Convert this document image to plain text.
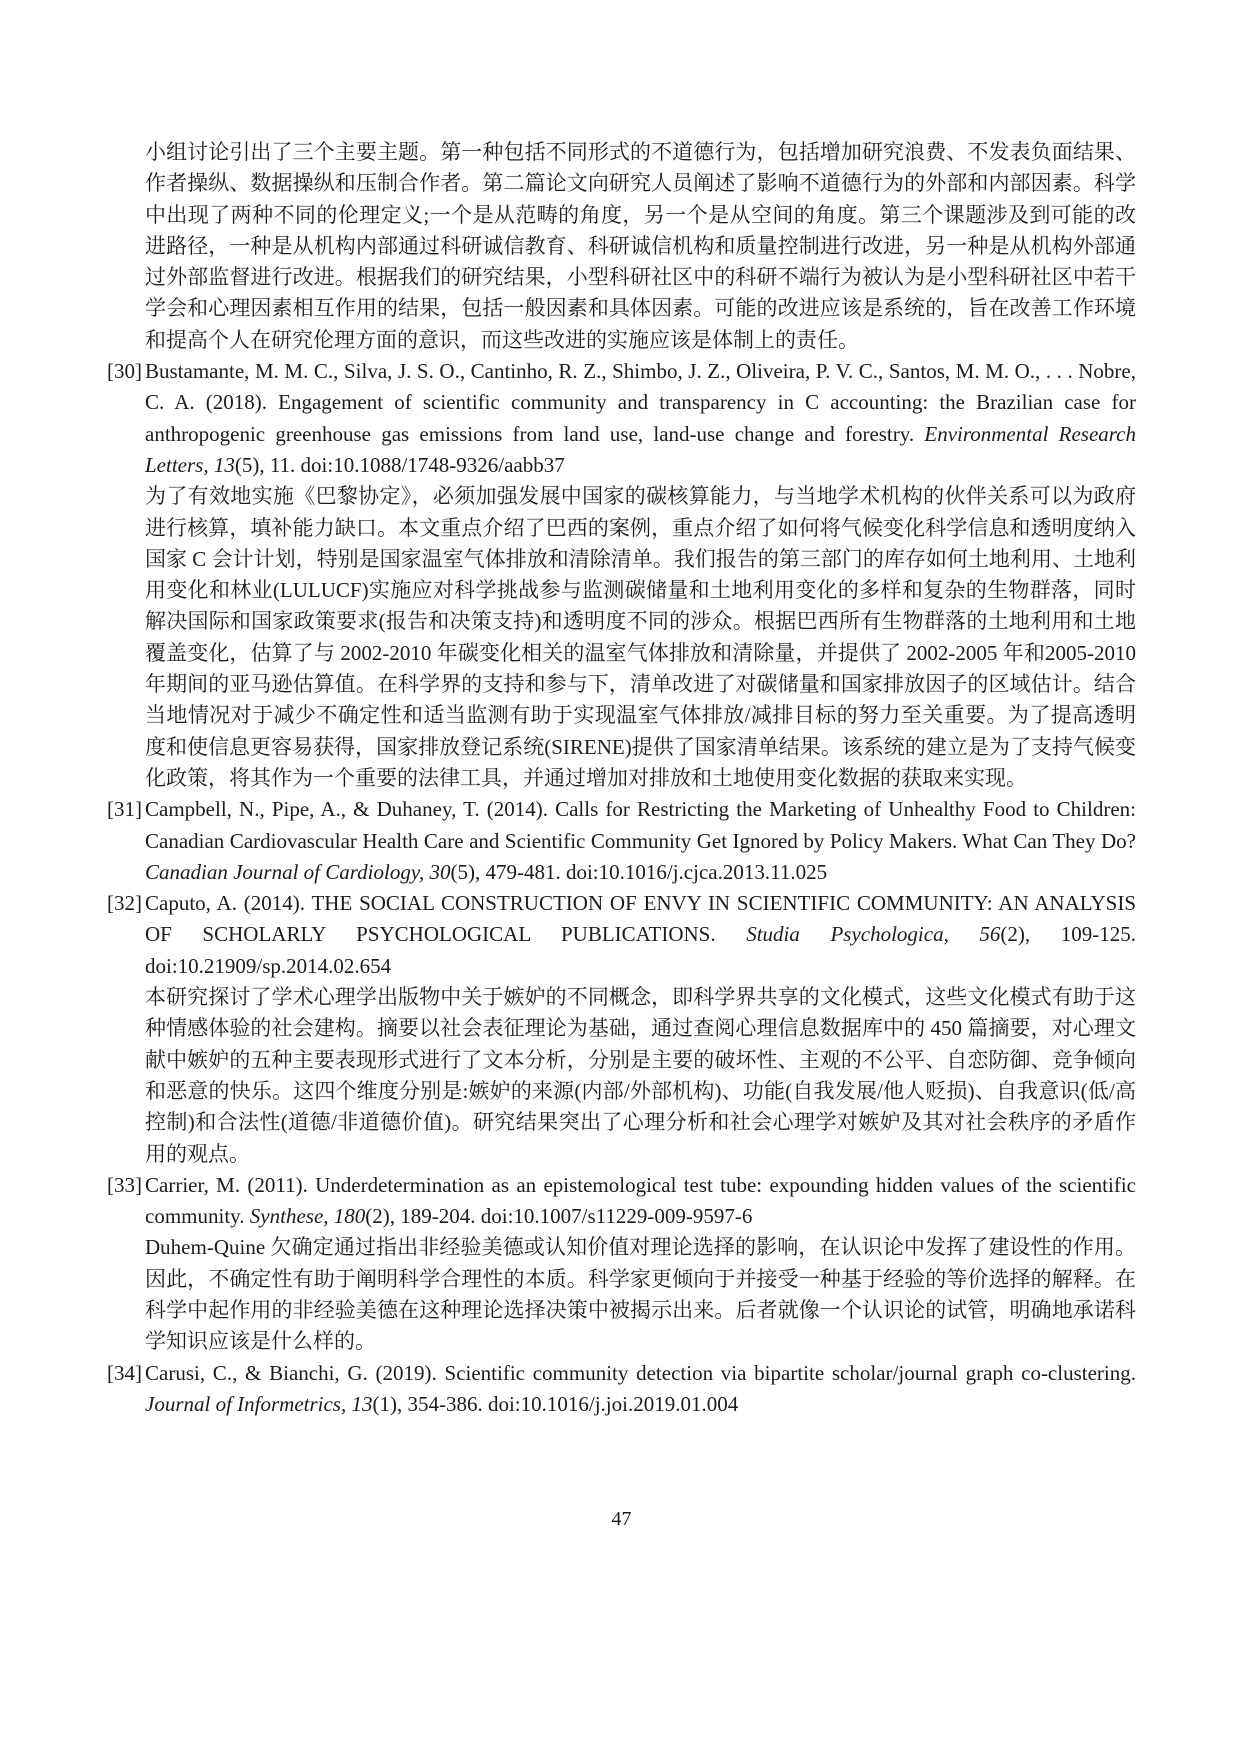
小组讨论引出了三个主要主题。第一种包括不同形式的不道德行为，包括增加研究浪费、不发表负面结果、作者操纵、数据操纵和压制合作者。第二篇论文向研究人员阐述了影响不道德行为的外部和内部因素。科学中出现了两种不同的伦理定义;一个是从范畴的角度，另一个是从空间的角度。第三个课题涉及到可能的改进路径，一种是从机构内部通过科研诚信教育、科研诚信机构和质量控制进行改进，另一种是从机构外部通过外部监督进行改进。根据我们的研究结果，小型科研社区中的科研不端行为被认为是小型科研社区中若干学会和心理因素相互作用的结果，包括一般因素和具体因素。可能的改进应该是系统的，旨在改善工作环境和提高个人在研究伦理方面的意识，而这些改进的实施应该是体制上的责任。

[30] Bustamante, M. M. C., Silva, J. S. O., Cantinho, R. Z., Shimbo, J. Z., Oliveira, P. V. C., Santos, M. M. O., . . . Nobre, C. A. (2018). Engagement of scientific community and transparency in C accounting: the Brazilian case for anthropogenic greenhouse gas emissions from land use, land-use change and forestry. Environmental Research Letters, 13(5), 11. doi:10.1088/1748-9326/aabb37

为了有效地实施《巴黎协定》，必须加强发展中国家的碳核算能力，与当地学术机构的伙伴关系可以为政府进行核算，填补能力缺口。本文重点介绍了巴西的案例，重点介绍了如何将气候变化科学信息和透明度纳入国家 C 会计计划，特别是国家温室气体排放和清除清单。我们报告的第三部门的库存如何土地利用、土地利用变化和林业(LULUCF)实施应对科学挑战参与监测碳储量和土地利用变化的多样和复杂的生物群落，同时解决国际和国家政策要求(报告和决策支持)和透明度不同的涉众。根据巴西所有生物群落的土地利用和土地覆盖变化，估算了与 2002-2010 年碳变化相关的温室气体排放和清除量，并提供了 2002-2005 年和2005-2010 年期间的亚马逊估算值。在科学界的支持和参与下，清单改进了对碳储量和国家排放因子的区域估计。结合当地情况对于减少不确定性和适当监测有助于实现温室气体排放/减排目标的努力至关重要。为了提高透明度和使信息更容易获得，国家排放登记系统(SIRENE)提供了国家清单结果。该系统的建立是为了支持气候变化政策，将其作为一个重要的法律工具，并通过增加对排放和土地使用变化数据的获取来实现。

[31] Campbell, N., Pipe, A., & Duhaney, T. (2014). Calls for Restricting the Marketing of Unhealthy Food to Children: Canadian Cardiovascular Health Care and Scientific Community Get Ignored by Policy Makers. What Can They Do? Canadian Journal of Cardiology, 30(5), 479-481. doi:10.1016/j.cjca.2013.11.025

[32] Caputo, A. (2014). THE SOCIAL CONSTRUCTION OF ENVY IN SCIENTIFIC COMMUNITY: AN ANALYSIS OF SCHOLARLY PSYCHOLOGICAL PUBLICATIONS. Studia Psychologica, 56(2), 109-125. doi:10.21909/sp.2014.02.654

本研究探讨了学术心理学出版物中关于嫉妒的不同概念，即科学界共享的文化模式，这些文化模式有助于这种情感体验的社会建构。摘要以社会表征理论为基础，通过查阅心理信息数据库中的 450 篇摘要，对心理文献中嫉妒的五种主要表现形式进行了文本分析，分别是主要的破坏性、主观的不公平、自恋防御、竞争倾向和恶意的快乐。这四个维度分别是:嫉妒的来源(内部/外部机构)、功能(自我发展/他人贬损)、自我意识(低/高控制)和合法性(道德/非道德价值)。研究结果突出了心理分析和社会心理学对嫉妒及其对社会秩序的矛盾作用的观点。

[33] Carrier, M. (2011). Underdetermination as an epistemological test tube: expounding hidden values of the scientific community. Synthese, 180(2), 189-204. doi:10.1007/s11229-009-9597-6

Duhem-Quine 欠确定通过指出非经验美德或认知价值对理论选择的影响，在认识论中发挥了建设性的作用。因此，不确定性有助于阐明科学合理性的本质。科学家更倾向于并接受一种基于经验的等价选择的解释。在科学中起作用的非经验美德在这种理论选择决策中被揭示出来。后者就像一个认识论的试管，明确地承诺科学知识应该是什么样的。

[34] Carusi, C., & Bianchi, G. (2019). Scientific community detection via bipartite scholar/journal graph co-clustering. Journal of Informetrics, 13(1), 354-386. doi:10.1016/j.joi.2019.01.004

47
